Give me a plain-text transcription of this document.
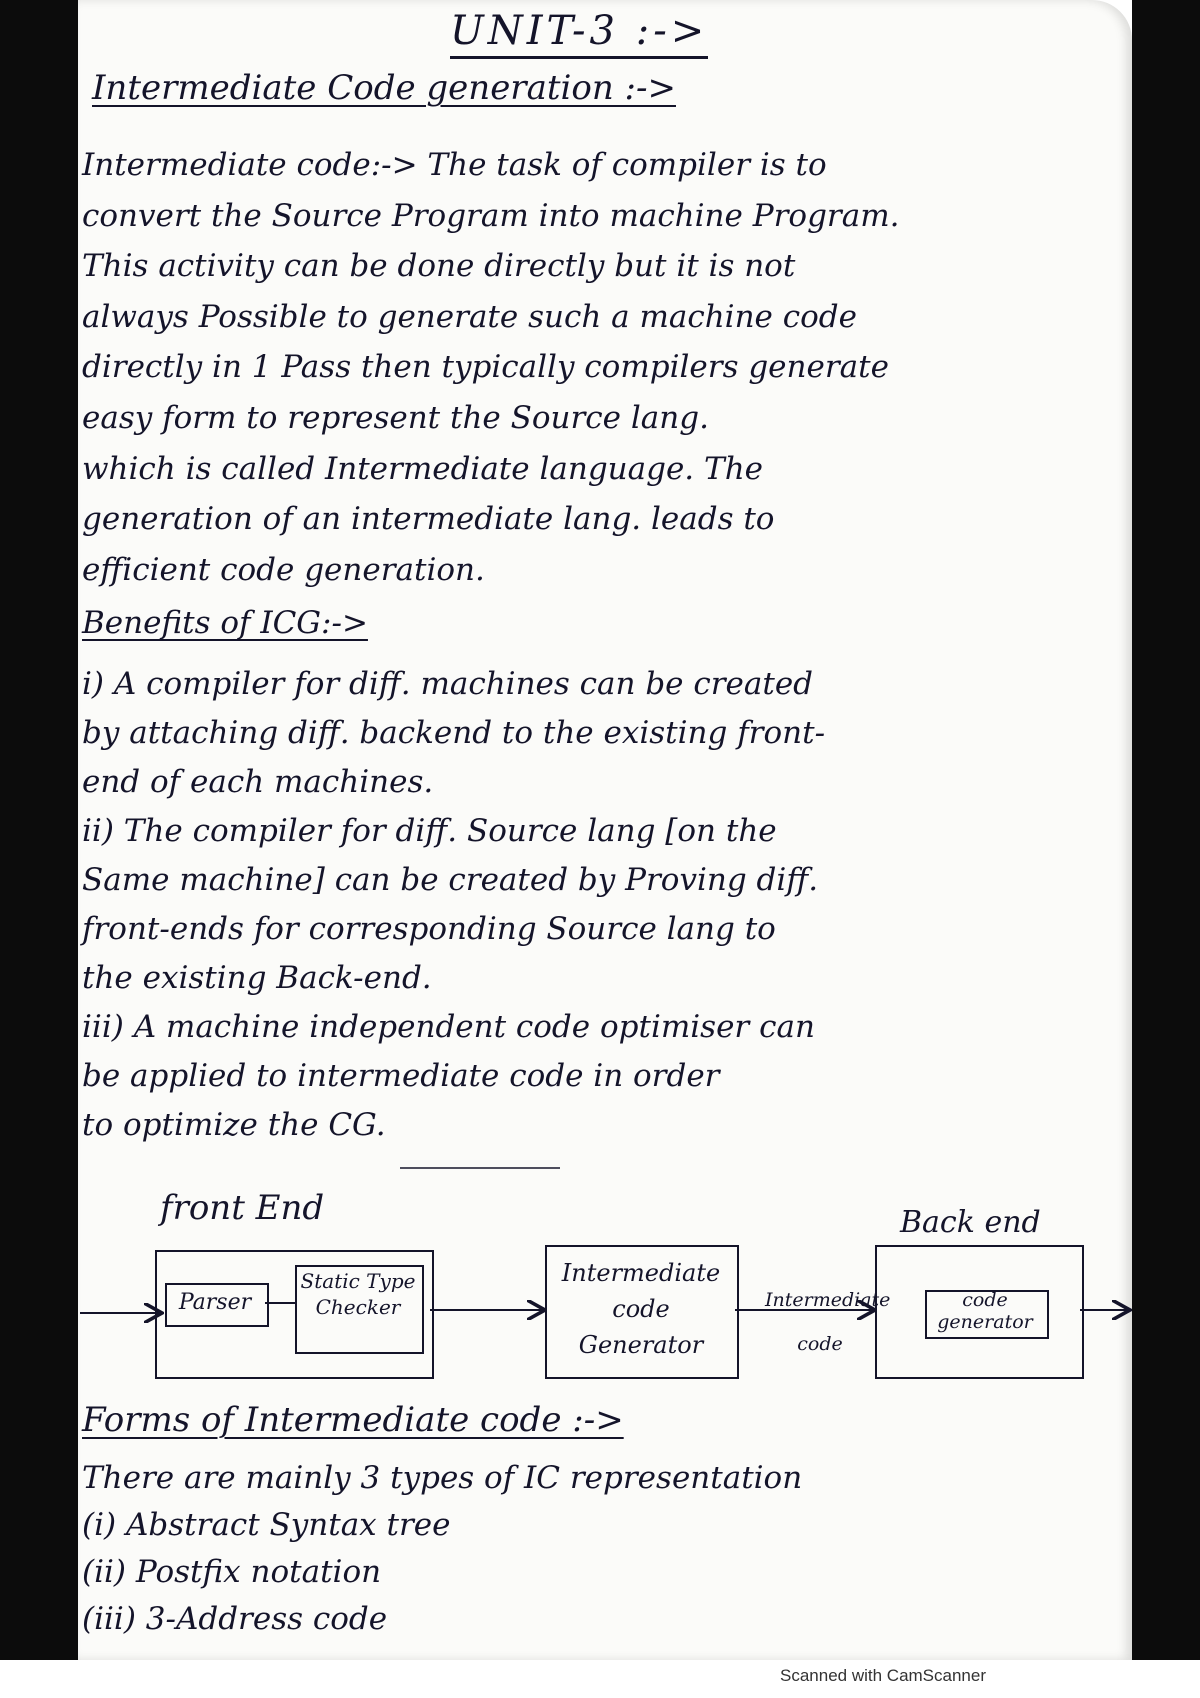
UNIT-3 :->
Intermediate Code generation :->
Intermediate code:-> The task of compiler is to
convert the Source Program into machine Program.
This activity can be done directly but it is not
always Possible to generate such a machine code
directly in 1 Pass then typically compilers generate
easy form to represent the Source lang.
which is called Intermediate language. The
generation of an intermediate lang. leads to
efficient code generation.
Benefits of ICG:->
i) A compiler for diff. machines can be created
by attaching diff. backend to the existing front-
end of each machines.
ii) The compiler for diff. Source lang [on the
Same machine] can be created by Proving diff.
front-ends for corresponding Source lang to
the existing Back-end.
iii) A machine independent code optimiser can
be applied to intermediate code in order
to optimize the CG.
front End	Back end
Parser
Static Type Checker
Intermediate code Generator
Intermediate code
code generator
Forms of Intermediate code :->
There are mainly 3 types of IC representation
(i) Abstract Syntax tree
(ii) Postfix notation
(iii) 3-Address code
Scanned with CamScanner
